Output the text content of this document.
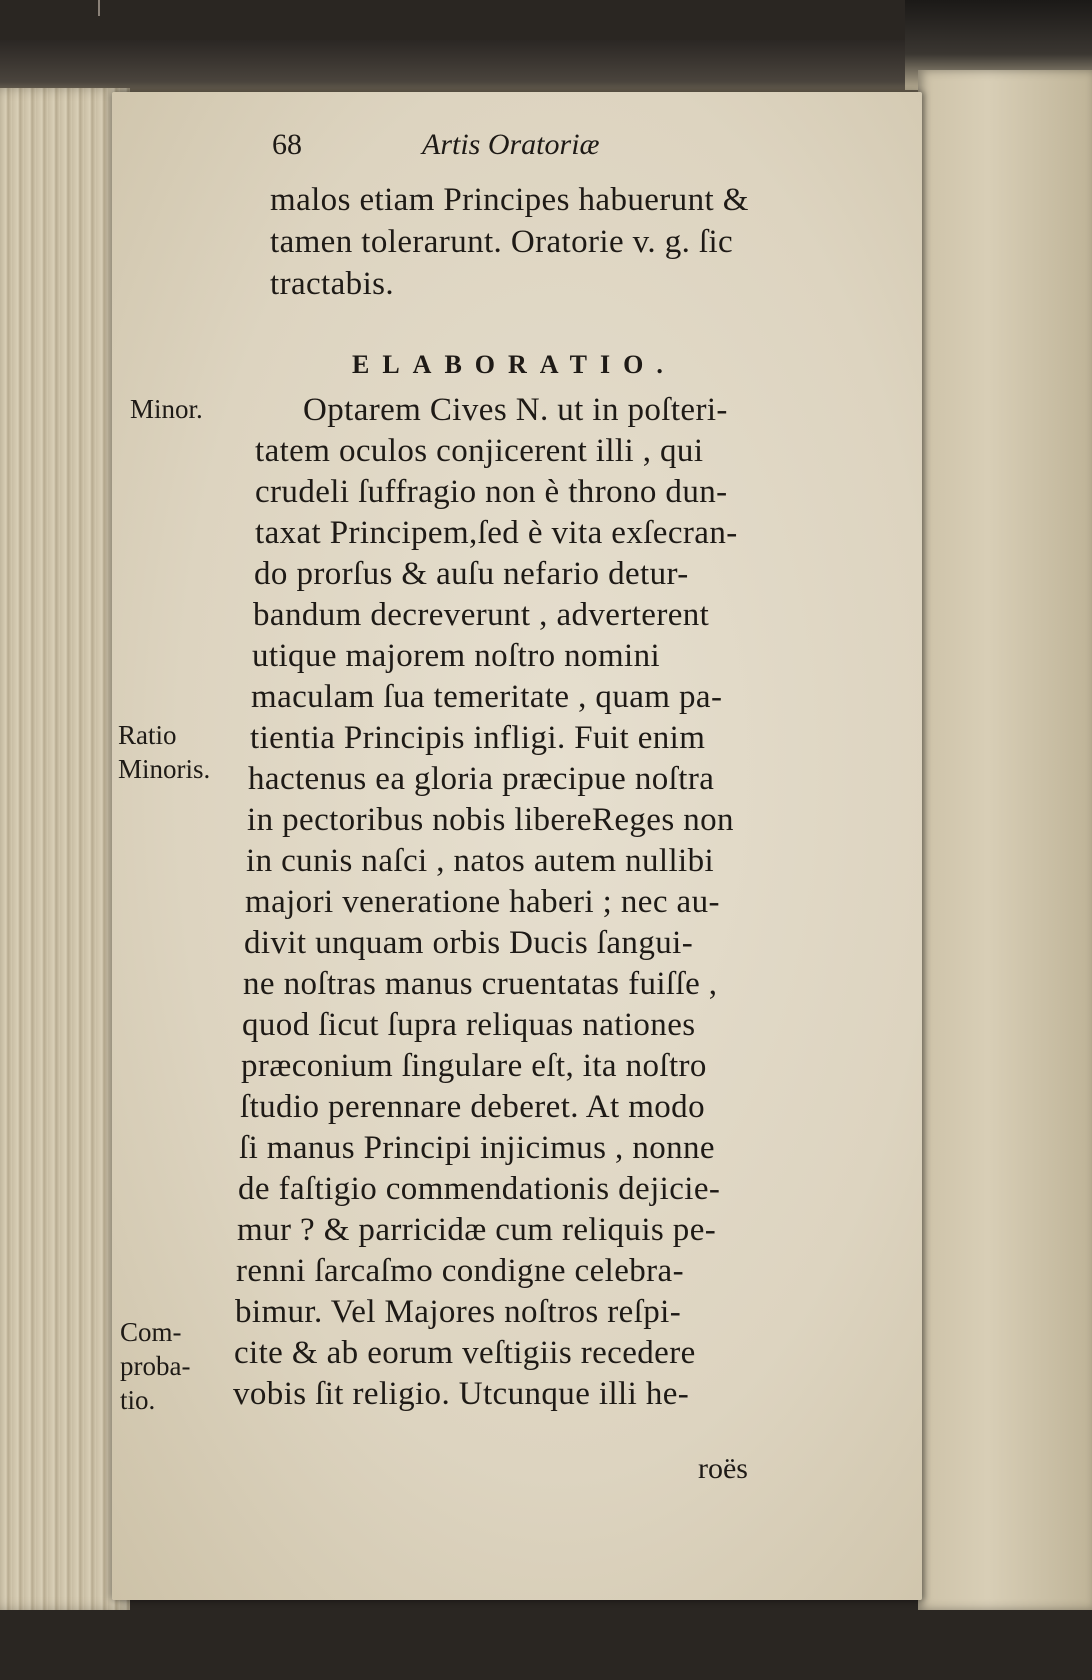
68	Artis Oratoriæ
malos etiam Principes habuerunt &
tamen tolerarunt. Oratorie v. g. ſic
tractabis.
ELABORATIO.
Optarem Cives N. ut in poſteri-
tatem oculos conjicerent illi , qui
crudeli ſuffragio non è throno dun-
taxat Principem,ſed è vita exſecran-
do prorſus & auſu nefario detur-
bandum decreverunt , adverterent
utique majorem noſtro nomini
maculam ſua temeritate , quam pa-
tientia Principis infligi. Fuit enim
hactenus ea gloria præcipue noſtra
in pectoribus nobis libereReges non
in cunis naſci , natos autem nullibi
majori veneratione haberi ; nec au-
divit unquam orbis Ducis ſangui-
ne noſtras manus cruentatas fuiſſe ,
quod ſicut ſupra reliquas nationes
præconium ſingulare eſt, ita noſtro
ſtudio perennare deberet. At modo
ſi manus Principi injicimus , nonne
de faſtigio commendationis dejicie-
mur ? & parricidæ cum reliquis pe-
renni ſarcaſmo condigne celebra-
bimur. Vel Majores noſtros reſpi-
cite & ab eorum veſtigiis recedere
vobis ſit religio. Utcunque illi he-
roës
Minor.
Ratio
Minoris.
Com-
proba-
tio.
